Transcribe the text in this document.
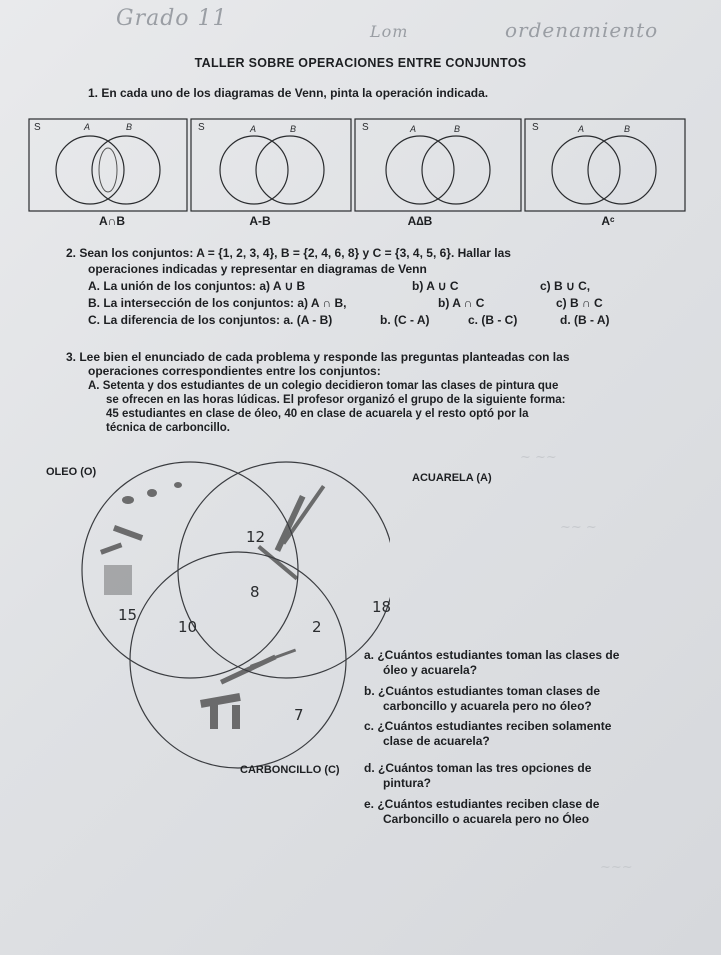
Grado 11
Lom	ordenamiento
TALLER SOBRE OPERACIONES ENTRE CONJUNTOS
1. En cada uno de los diagramas de Venn, pinta la operación indicada.
S	A	B	S	A	B	S	A	B	S	A	B
A∩B	A-B	A∆B	Aᶜ
2. Sean los conjuntos: A = {1, 2, 3, 4}, B = {2, 4, 6, 8} y C = {3, 4, 5, 6}. Hallar las
operaciones indicadas y representar en diagramas de Venn
A. La unión de los conjuntos: a) A ∪ B	b) A ∪ C	c) B ∪ C,
B. La intersección de los conjuntos: a) A ∩ B,	b) A ∩ C	c) B ∩ C
C. La diferencia de los conjuntos: a. (A - B)	b. (C - A)	c. (B - C)	d. (B - A)
3. Lee bien el enunciado de cada problema y responde las preguntas planteadas con las
operaciones correspondientes entre los conjuntos:
A. Setenta y dos estudiantes de un colegio decidieron tomar las clases de pintura que
se ofrecen en las horas lúdicas. El profesor organizó el grupo de la siguiente forma:
45 estudiantes en clase de óleo, 40 en clase de acuarela y el resto optó por la
técnica de carboncillo.
~ ~~
~~ ~
~~~
OLEO (O)	ACUARELA (A)
CARBONCILLO (C)
12
8
15
10	2
18
7
a. ¿Cuántos estudiantes toman las clases de
óleo y acuarela?
b. ¿Cuántos estudiantes toman clases de
carboncillo y acuarela pero no óleo?
c. ¿Cuántos estudiantes reciben solamente
clase de acuarela?
d. ¿Cuántos toman las tres opciones de
pintura?
e. ¿Cuántos estudiantes reciben clase de
Carboncillo o acuarela pero no Óleo
